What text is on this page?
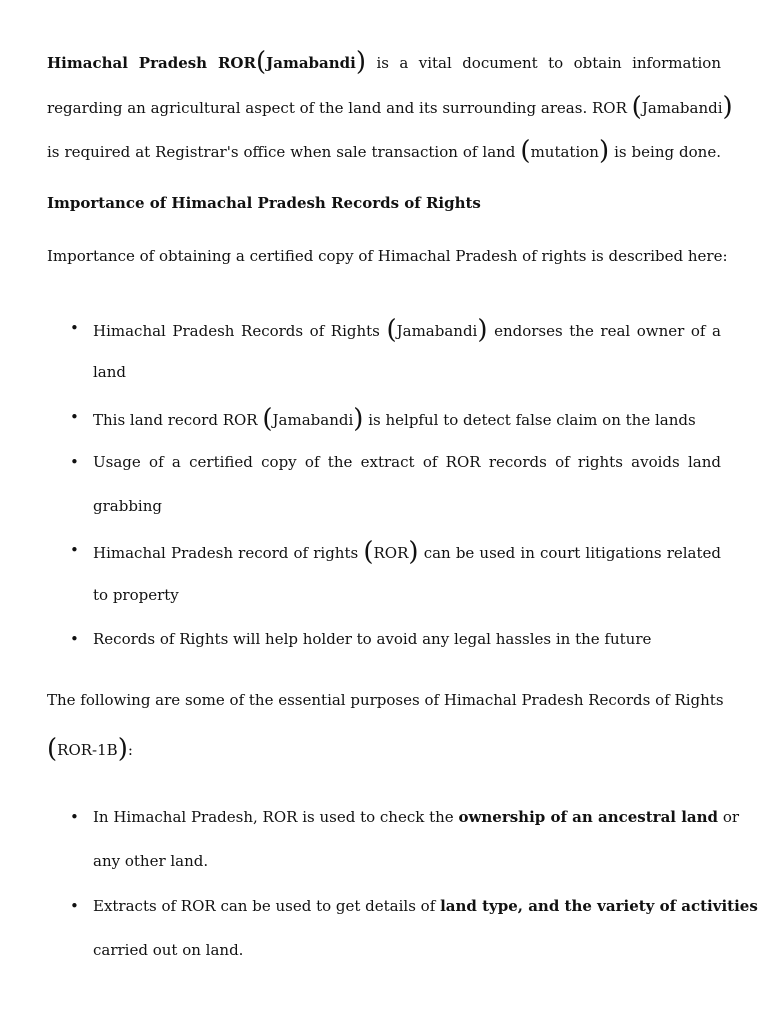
Himachal Pradesh ROR(Jamabandi) is a vital document to obtain information
regarding an agricultural aspect of the land and its surrounding areas. ROR (Jamabandi)
is required at Registrar's office when sale transaction of land (mutation) is being done.
Importance of Himachal Pradesh Records of Rights
Importance of obtaining a certified copy of Himachal Pradesh of rights is described here:
• Himachal Pradesh Records of Rights (Jamabandi) endorses the real owner of a
land
• This land record ROR (Jamabandi) is helpful to detect false claim on the lands
• Usage of a certified copy of the extract of ROR records of rights avoids land
grabbing
• Himachal Pradesh record of rights (ROR) can be used in court litigations related
to property
• Records of Rights will help holder to avoid any legal hassles in the future
The following are some of the essential purposes of Himachal Pradesh Records of Rights
(ROR-1B):
• In Himachal Pradesh, ROR is used to check the ownership of an ancestral land or
any other land.
• Extracts of ROR can be used to get details of land type, and the variety of activities
carried out on land.
